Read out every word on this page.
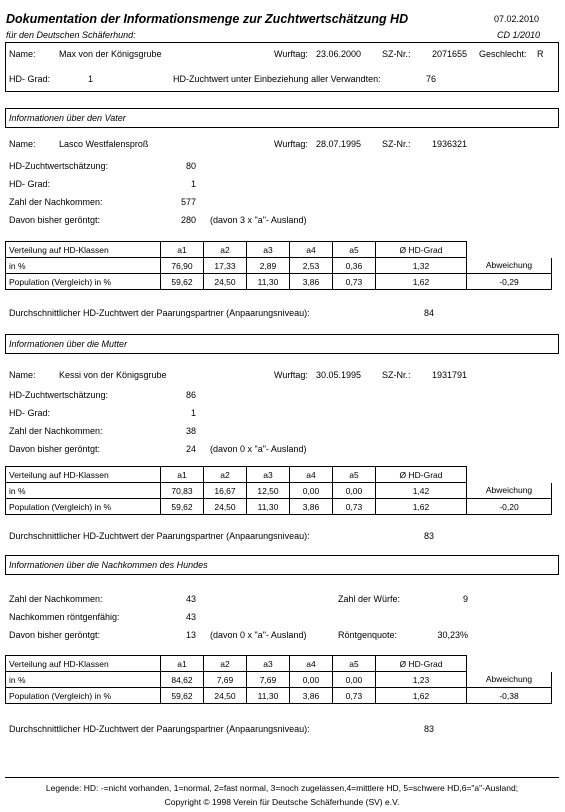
Dokumentation der Informationsmenge zur Zuchtwertschätzung HD
für den Deutschen Schäferhund:
07.02.2010
CD 1/2010
Name:	Max von der Königsgrube	Wurftag: 23.06.2000 SZ-Nr.: 2071655 Geschlecht: R
HD- Grad:	1	HD-Zuchtwert unter Einbeziehung aller Verwandten:	76
Informationen über den Vater
Name:	Lasco Westfalensproß	Wurftag: 28.07.1995 SZ-Nr.: 1936321
HD-Zuchtwertschätzung:	80
HD- Grad:	1
Zahl der Nachkommen:	577
Davon bisher geröntgt:	280 (davon 3 x "a"- Ausland)
Verteilung auf HD-Klassen	a1	a2	a3	a4	a5	Ø HD-Grad	
in %	76,90	17,33	2,89	2,53	0,36	1,32	Abweichung
Population (Vergleich) in %	59,62	24,50	11,30	3,86	0,73	1,62	-0,29
Durchschnittlicher HD-Zuchtwert der Paarungspartner (Anpaarungsniveau):	84
Informationen über die Mutter
Name:	Kessi von der Königsgrube	Wurftag: 30.05.1995 SZ-Nr.: 1931791
HD-Zuchtwertschätzung:	86
HD- Grad:	1
Zahl der Nachkommen:	38
Davon bisher geröntgt:	24 (davon 0 x "a"- Ausland)
Verteilung auf HD-Klassen	a1	a2	a3	a4	a5	Ø HD-Grad	
in %	70,83	16,67	12,50	0,00	0,00	1,42	Abweichung
Population (Vergleich) in %	59,62	24,50	11,30	3,86	0,73	1,62	-0,20
Durchschnittlicher HD-Zuchtwert der Paarungspartner (Anpaarungsniveau):	83
Informationen über die Nachkommen des Hundes
Zahl der Nachkommen:	43	Zahl der Würfe:	9
Nachkommen röntgenfähig:	43
Davon bisher geröntgt:	13 (davon 0 x "a"- Ausland)	Röntgenquote:	30,23%
Verteilung auf HD-Klassen	a1	a2	a3	a4	a5	Ø HD-Grad	
in %	84,62	7,69	7,69	0,00	0,00	1,23	Abweichung
Population (Vergleich) in %	59,62	24,50	11,30	3,86	0,73	1,62	-0,38
Durchschnittlicher HD-Zuchtwert der Paarungspartner (Anpaarungsniveau):	83
Legende: HD: -=nicht vorhanden, 1=normal, 2=fast normal, 3=noch zugelassen,4=mittlere HD, 5=schwere HD,6="a"-Ausland;
Copyright © 1998 Verein für Deutsche Schäferhunde (SV) e.V.
